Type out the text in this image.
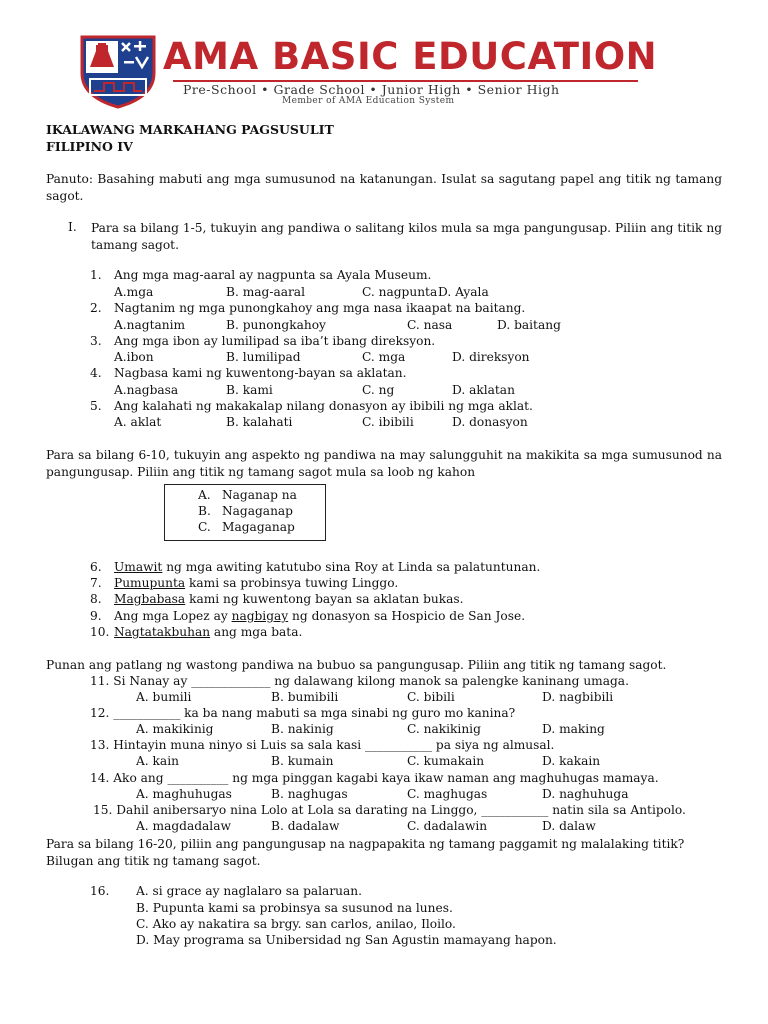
AMA BASIC EDUCATION
Pre-School • Grade School • Junior High • Senior High
Member of AMA Education System
IKALAWANG MARKAHANG PAGSUSULIT
FILIPINO IV
Panuto: Basahing mabuti ang mga sumusunod na katanungan. Isulat sa sagutang papel ang titik ng tamang sagot.
I. Para sa bilang 1-5, tukuyin ang pandiwa o salitang kilos mula sa mga pangungusap. Piliin ang titik ng tamang sagot.
1. Ang mga mag-aaral ay nagpunta sa Ayala Museum.
A.mga	B. mag-aaral	C. nagpunta D. Ayala
2. Nagtanim ng mga punongkahoy ang mga nasa ikaapat na baitang.
A.nagtanim	B. punongkahoy	C. nasa	D. baitang
3. Ang mga ibon ay lumilipad sa iba’t ibang direksyon.
A.ibon	B. lumilipad	C. mga	D. direksyon
4. Nagbasa kami ng kuwentong-bayan sa aklatan.
A.nagbasa	B. kami	C. ng	D. aklatan
5. Ang kalahati ng makakalap nilang donasyon ay ibibili ng mga aklat.
A. aklat	B. kalahati	C. ibibili	D. donasyon
Para sa bilang 6-10, tukuyin ang aspekto ng pandiwa na may salungguhit na makikita sa mga sumusunod na pangungusap. Piliin ang titik ng tamang sagot mula sa loob ng kahon
A. Naganap na
B. Nagaganap
C. Magaganap
6. Umawit ng mga awiting katutubo sina Roy at Linda sa palatuntunan.
7. Pumupunta kami sa probinsya tuwing Linggo.
8. Magbabasa kami ng kuwentong bayan sa aklatan bukas.
9. Ang mga Lopez ay nagbigay ng donasyon sa Hospicio de San Jose.
10. Nagtatakbuhan ang mga bata.
Punan ang patlang ng wastong pandiwa na bubuo sa pangungusap. Piliin ang titik ng tamang sagot.
11. Si Nanay ay _____________ ng dalawang kilong manok sa palengke kaninang umaga.
A. bumili	B. bumibili	C. bibili	D. nagbibili
12. ___________ ka ba nang mabuti sa mga sinabi ng guro mo kanina?
A. makikinig	B. nakinig	C. nakikinig	D. making
13. Hintayin muna ninyo si Luis sa sala kasi ___________ pa siya ng almusal.
A. kain	B. kumain	C. kumakain	D. kakain
14. Ako ang __________ ng mga pinggan kagabi kaya ikaw naman ang maghuhugas mamaya.
A. maghuhugas	B. naghugas	C. maghugas	D. naghuhuga
15. Dahil anibersaryo nina Lolo at Lola sa darating na Linggo, ___________ natin sila sa Antipolo.
A. magdadalaw	B. dadalaw	C. dadalawin	D. dalaw
Para sa bilang 16-20, piliin ang pangungusap na nagpapakita ng tamang paggamit ng malalaking titik?Bilugan ang titik ng tamang sagot.
16. A. si grace ay naglalaro sa palaruan.
B. Pupunta kami sa probinsya sa susunod na lunes.
C. Ako ay nakatira sa brgy. san carlos, anilao, Iloilo.
D. May programa sa Unibersidad ng San Agustin mamayang hapon.
